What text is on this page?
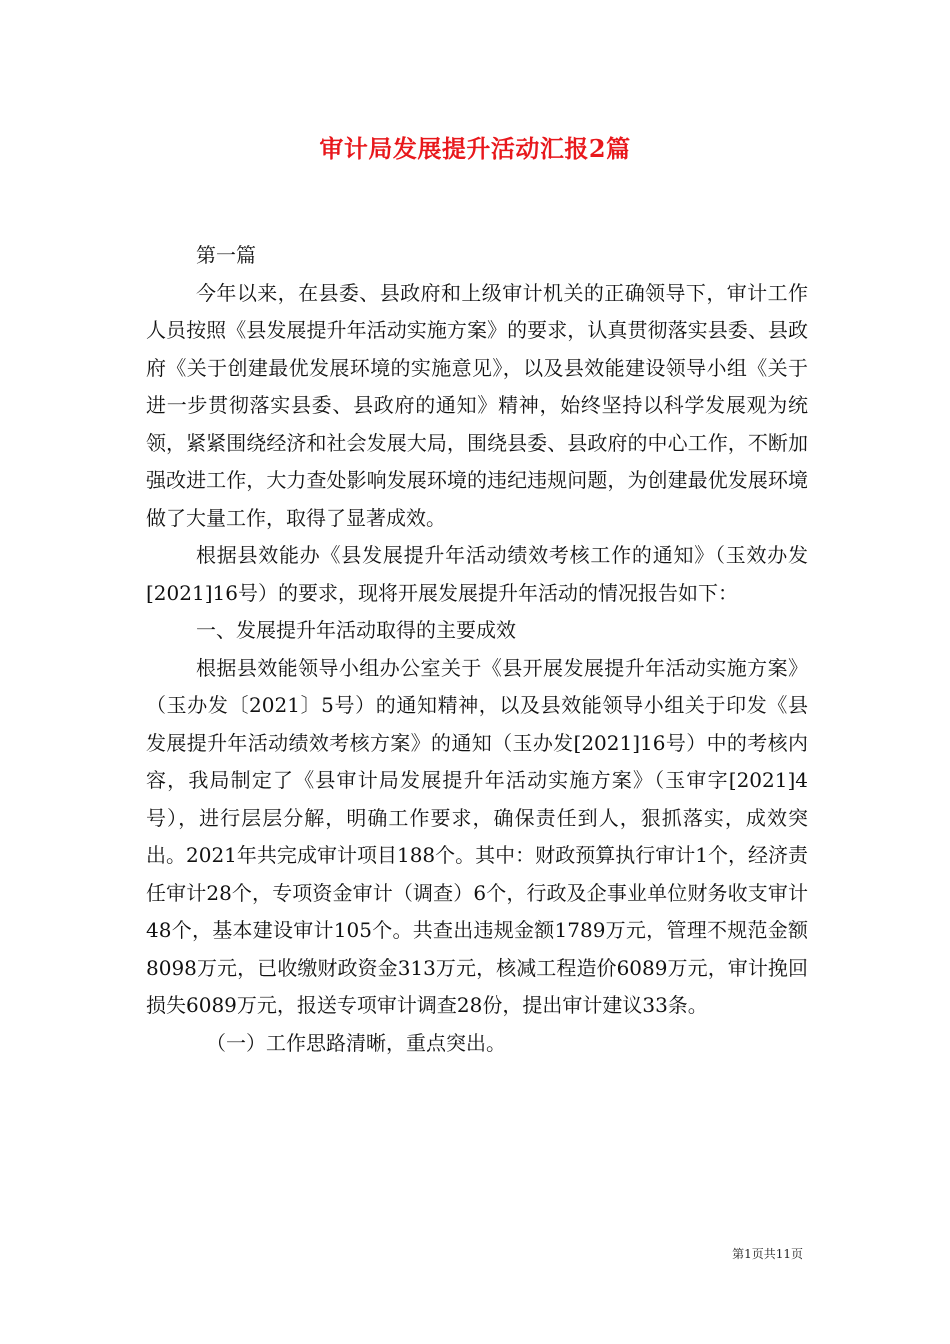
审计局发展提升活动汇报2篇

第一篇

今年以来，在县委、县政府和上级审计机关的正确领导下，审计工作人员按照《县发展提升年活动实施方案》的要求，认真贯彻落实县委、县政府《关于创建最优发展环境的实施意见》，以及县效能建设领导小组《关于进一步贯彻落实县委、县政府的通知》精神，始终坚持以科学发展观为统领，紧紧围绕经济和社会发展大局，围绕县委、县政府的中心工作，不断加强改进工作，大力查处影响发展环境的违纪违规问题，为创建最优发展环境做了大量工作，取得了显著成效。

根据县效能办《县发展提升年活动绩效考核工作的通知》（玉效办发[2021]16号）的要求，现将开展发展提升年活动的情况报告如下：

一、发展提升年活动取得的主要成效

根据县效能领导小组办公室关于《县开展发展提升年活动实施方案》（玉办发〔2021〕5号）的通知精神，以及县效能领导小组关于印发《县发展提升年活动绩效考核方案》的通知（玉办发[2021]16号）中的考核内容，我局制定了《县审计局发展提升年活动实施方案》（玉审字[2021]4号），进行层层分解，明确工作要求，确保责任到人，狠抓落实，成效突出。2021年共完成审计项目188个。其中：财政预算执行审计1个，经济责任审计28个，专项资金审计（调查）6个，行政及企事业单位财务收支审计48个，基本建设审计105个。共查出违规金额1789万元，管理不规范金额8098万元，已收缴财政资金313万元，核减工程造价6089万元，审计挽回损失6089万元，报送专项审计调查28份，提出审计建议33条。

（一）工作思路清晰，重点突出。

第1页共11页
